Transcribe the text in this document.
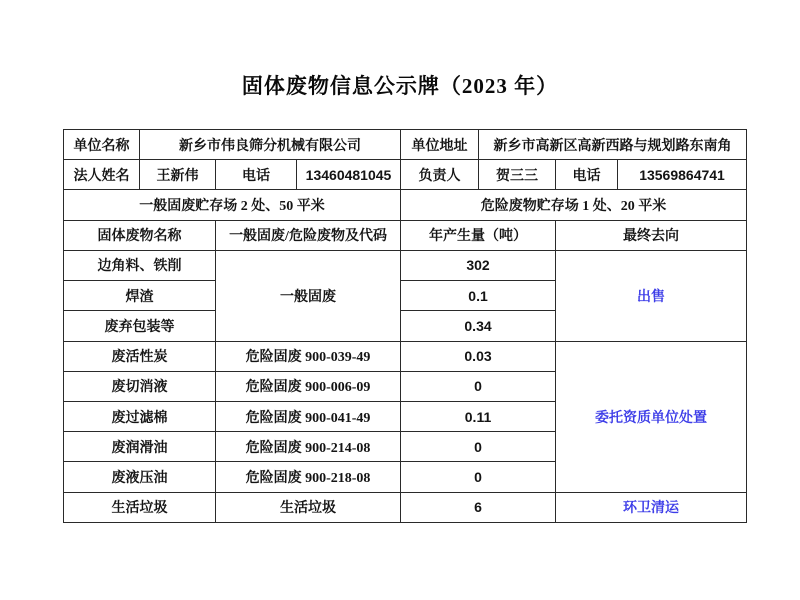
固体废物信息公示牌（2023 年）
单位名称	新乡市伟良筛分机械有限公司			单位地址	新乡市高新区高新西路与规划路东南角		
法人姓名	王新伟	电话	13460481045	负责人	贺三三	电话	13569864741
一般固废贮存场 2 处、50 平米				危险废物贮存场 1 处、20 平米			
固体废物名称		一般固废/危险废物及代码		年产生量（吨）		最终去向	
边角料、铁削		一般固废		302		出售	
焊渣				0.1			
废弃包装等				0.34			
废活性炭		危险固废 900-039-49		0.03		委托资质单位处置	
废切消液		危险固废 900-006-09		0			
废过滤棉		危险固废 900-041-49		0.11			
废润滑油		危险固废 900-214-08		0			
废液压油		危险固废 900-218-08		0			
生活垃圾		生活垃圾		6		环卫清运	
